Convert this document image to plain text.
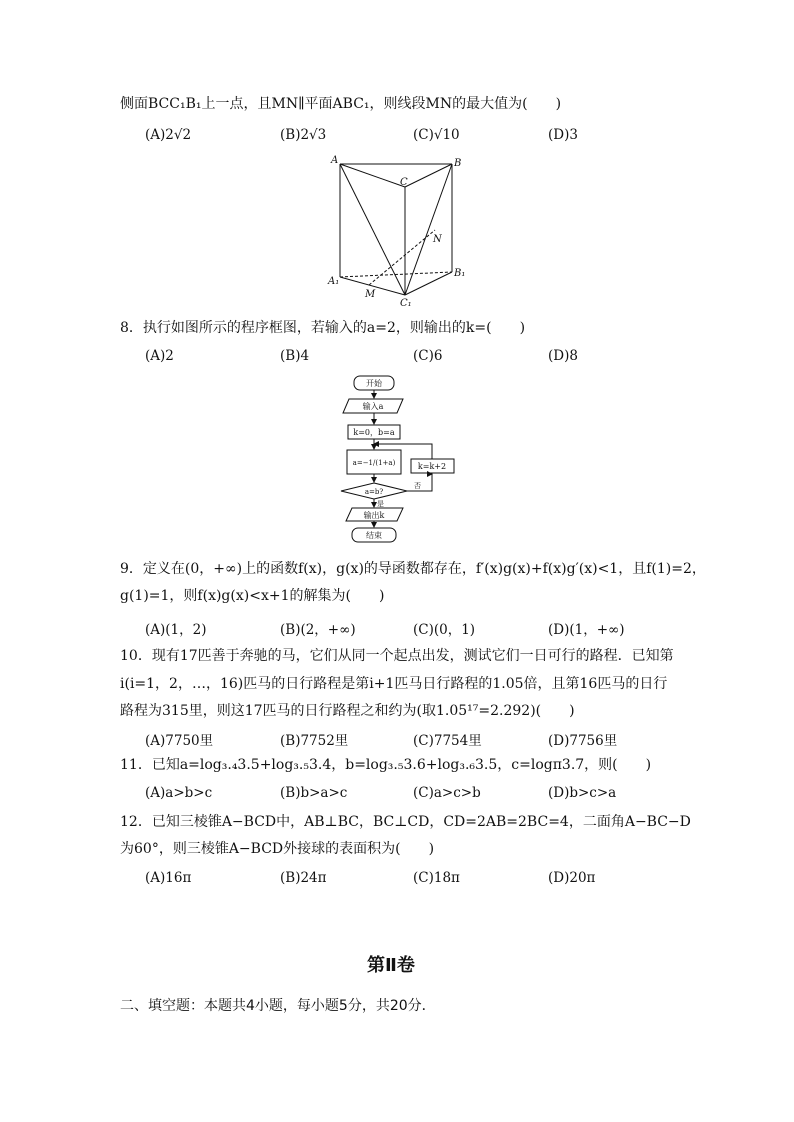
侧面BCC₁B₁上一点，且MN∥平面ABC₁，则线段MN的最大值为(　　)
(A)2√2	(B)2√3	(C)√10	(D)3
A	B
C
A₁
B₁
C₁
M
N
8．执行如图所示的程序框图，若输入的a=2，则输出的k=(　　)
(A)2	(B)4	(C)6	(D)8
开始
输入a
k=0，b=a
a=−1/(1+a)
a=b?
k=k+2
是
否
输出k
结束
9．定义在(0，+∞)上的函数f(x)，g(x)的导函数都存在，f′(x)g(x)+f(x)g′(x)<1，且f(1)=2，
g(1)=1，则f(x)g(x)<x+1的解集为(　　)
(A)(1，2)	(B)(2，+∞)	(C)(0，1)	(D)(1，+∞)
10．现有17匹善于奔驰的马，它们从同一个起点出发，测试它们一日可行的路程．已知第
i(i=1，2，…，16)匹马的日行路程是第i+1匹马日行路程的1.05倍，且第16匹马的日行
路程为315里，则这17匹马的日行路程之和约为(取1.05¹⁷=2.292)(　　)
(A)7750里	(B)7752里	(C)7754里	(D)7756里
11．已知a=log₃.₄3.5+log₃.₅3.4，b=log₃.₅3.6+log₃.₆3.5，c=logπ3.7，则(　　)
(A)a>b>c	(B)b>a>c	(C)a>c>b	(D)b>c>a
12．已知三棱锥A−BCD中，AB⊥BC，BC⊥CD，CD=2AB=2BC=4，二面角A−BC−D
为60°，则三棱锥A−BCD外接球的表面积为(　　)
(A)16π	(B)24π	(C)18π	(D)20π
第Ⅱ卷
二、填空题：本题共4小题，每小题5分，共20分．
